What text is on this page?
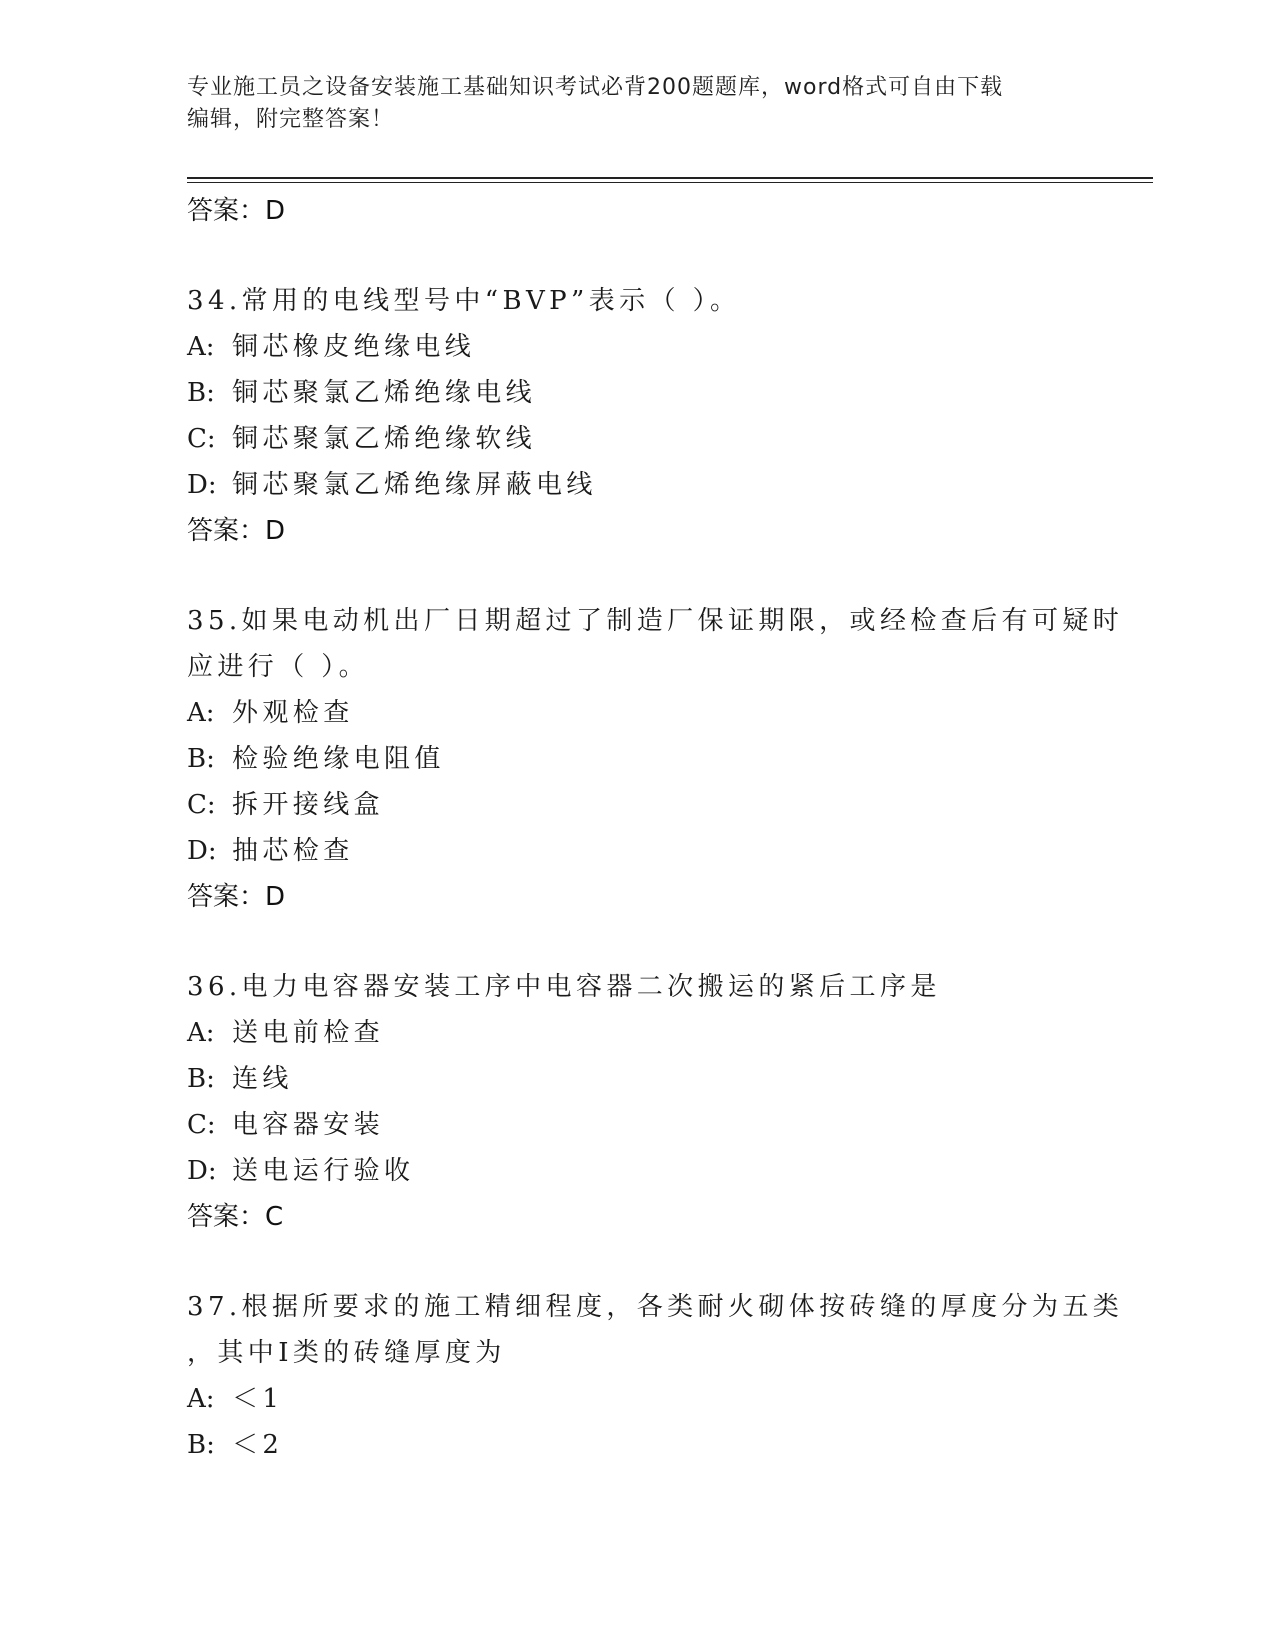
专业施工员之设备安装施工基础知识考试必背200题题库，word格式可自由下载
编辑，附完整答案！
答案：D
34.常用的电线型号中“BVP”表示（ ）。
A: 铜芯橡皮绝缘电线
B: 铜芯聚氯乙烯绝缘电线
C: 铜芯聚氯乙烯绝缘软线
D: 铜芯聚氯乙烯绝缘屏蔽电线
答案：D
35.如果电动机出厂日期超过了制造厂保证期限，或经检查后有可疑时
应进行（ ）。
A: 外观检查
B: 检验绝缘电阻值
C: 拆开接线盒
D: 抽芯检查
答案：D
36.电力电容器安装工序中电容器二次搬运的紧后工序是
A: 送电前检查
B: 连线
C: 电容器安装
D: 送电运行验收
答案：C
37.根据所要求的施工精细程度，各类耐火砌体按砖缝的厚度分为五类
，其中Ⅰ类的砖缝厚度为
A: ＜1
B: ＜2
